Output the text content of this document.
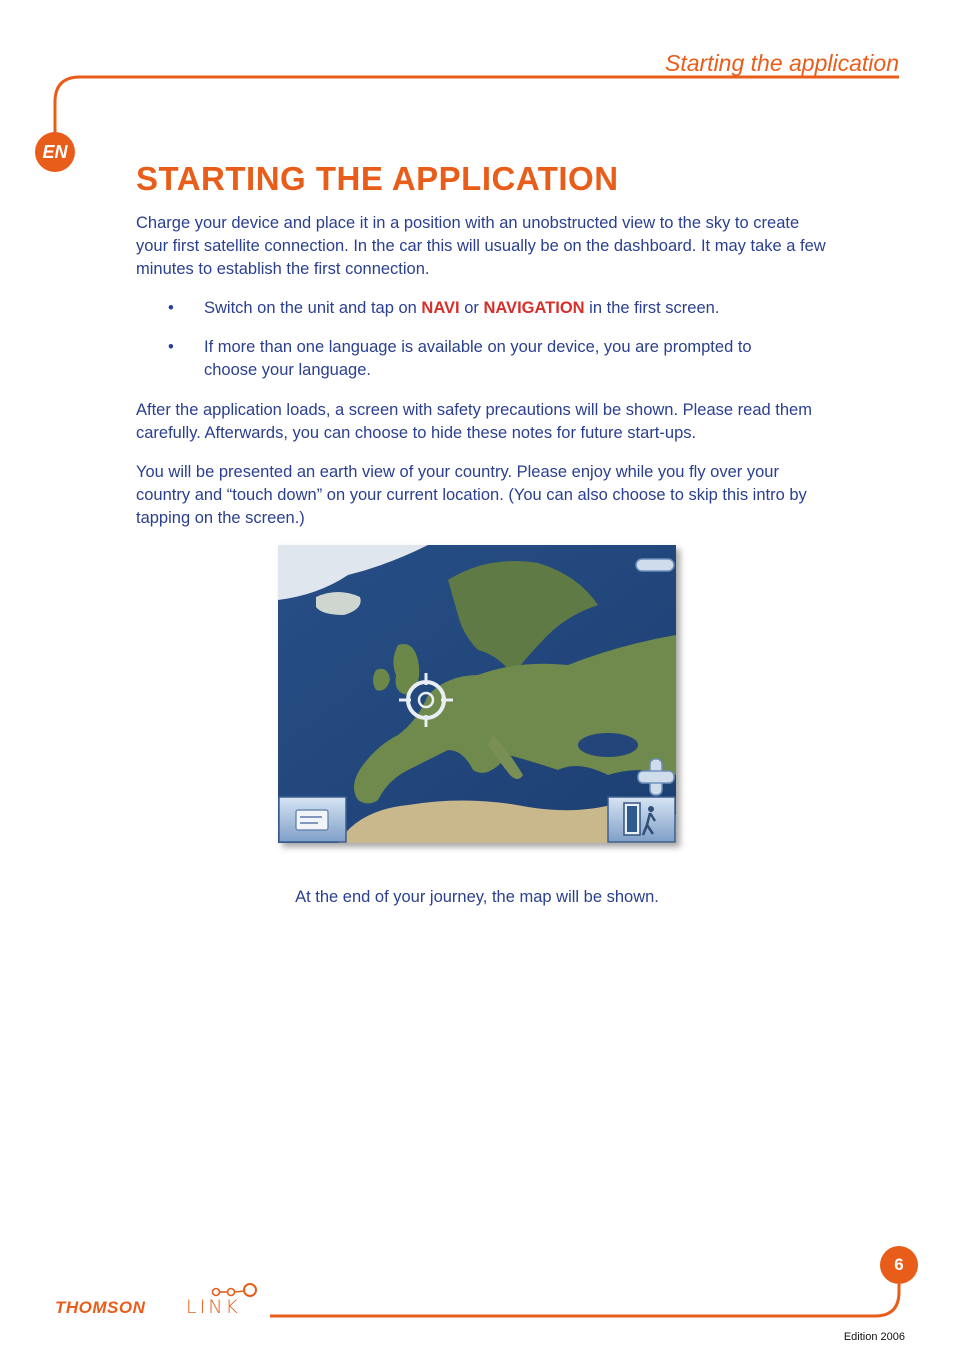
Starting the application
EN
STARTING THE APPLICATION

Charge your device and place it in a position with an unobstructed view to the sky to create your first satellite connection. In the car this will usually be on the dashboard. It may take a few minutes to establish the first connection.

• Switch on the unit and tap on NAVI or NAVIGATION in the first screen.
• If more than one language is available on your device, you are prompted to choose your language.

After the application loads, a screen with safety precautions will be shown. Please read them carefully. Afterwards, you can choose to hide these notes for future start-ups.

You will be presented an earth view of your country. Please enjoy while you fly over your country and “touch down” on your current location. (You can also choose to skip this intro by tapping on the screen.)

At the end of your journey, the map will be shown.
6
THOMSON LINK
Edition 2006
